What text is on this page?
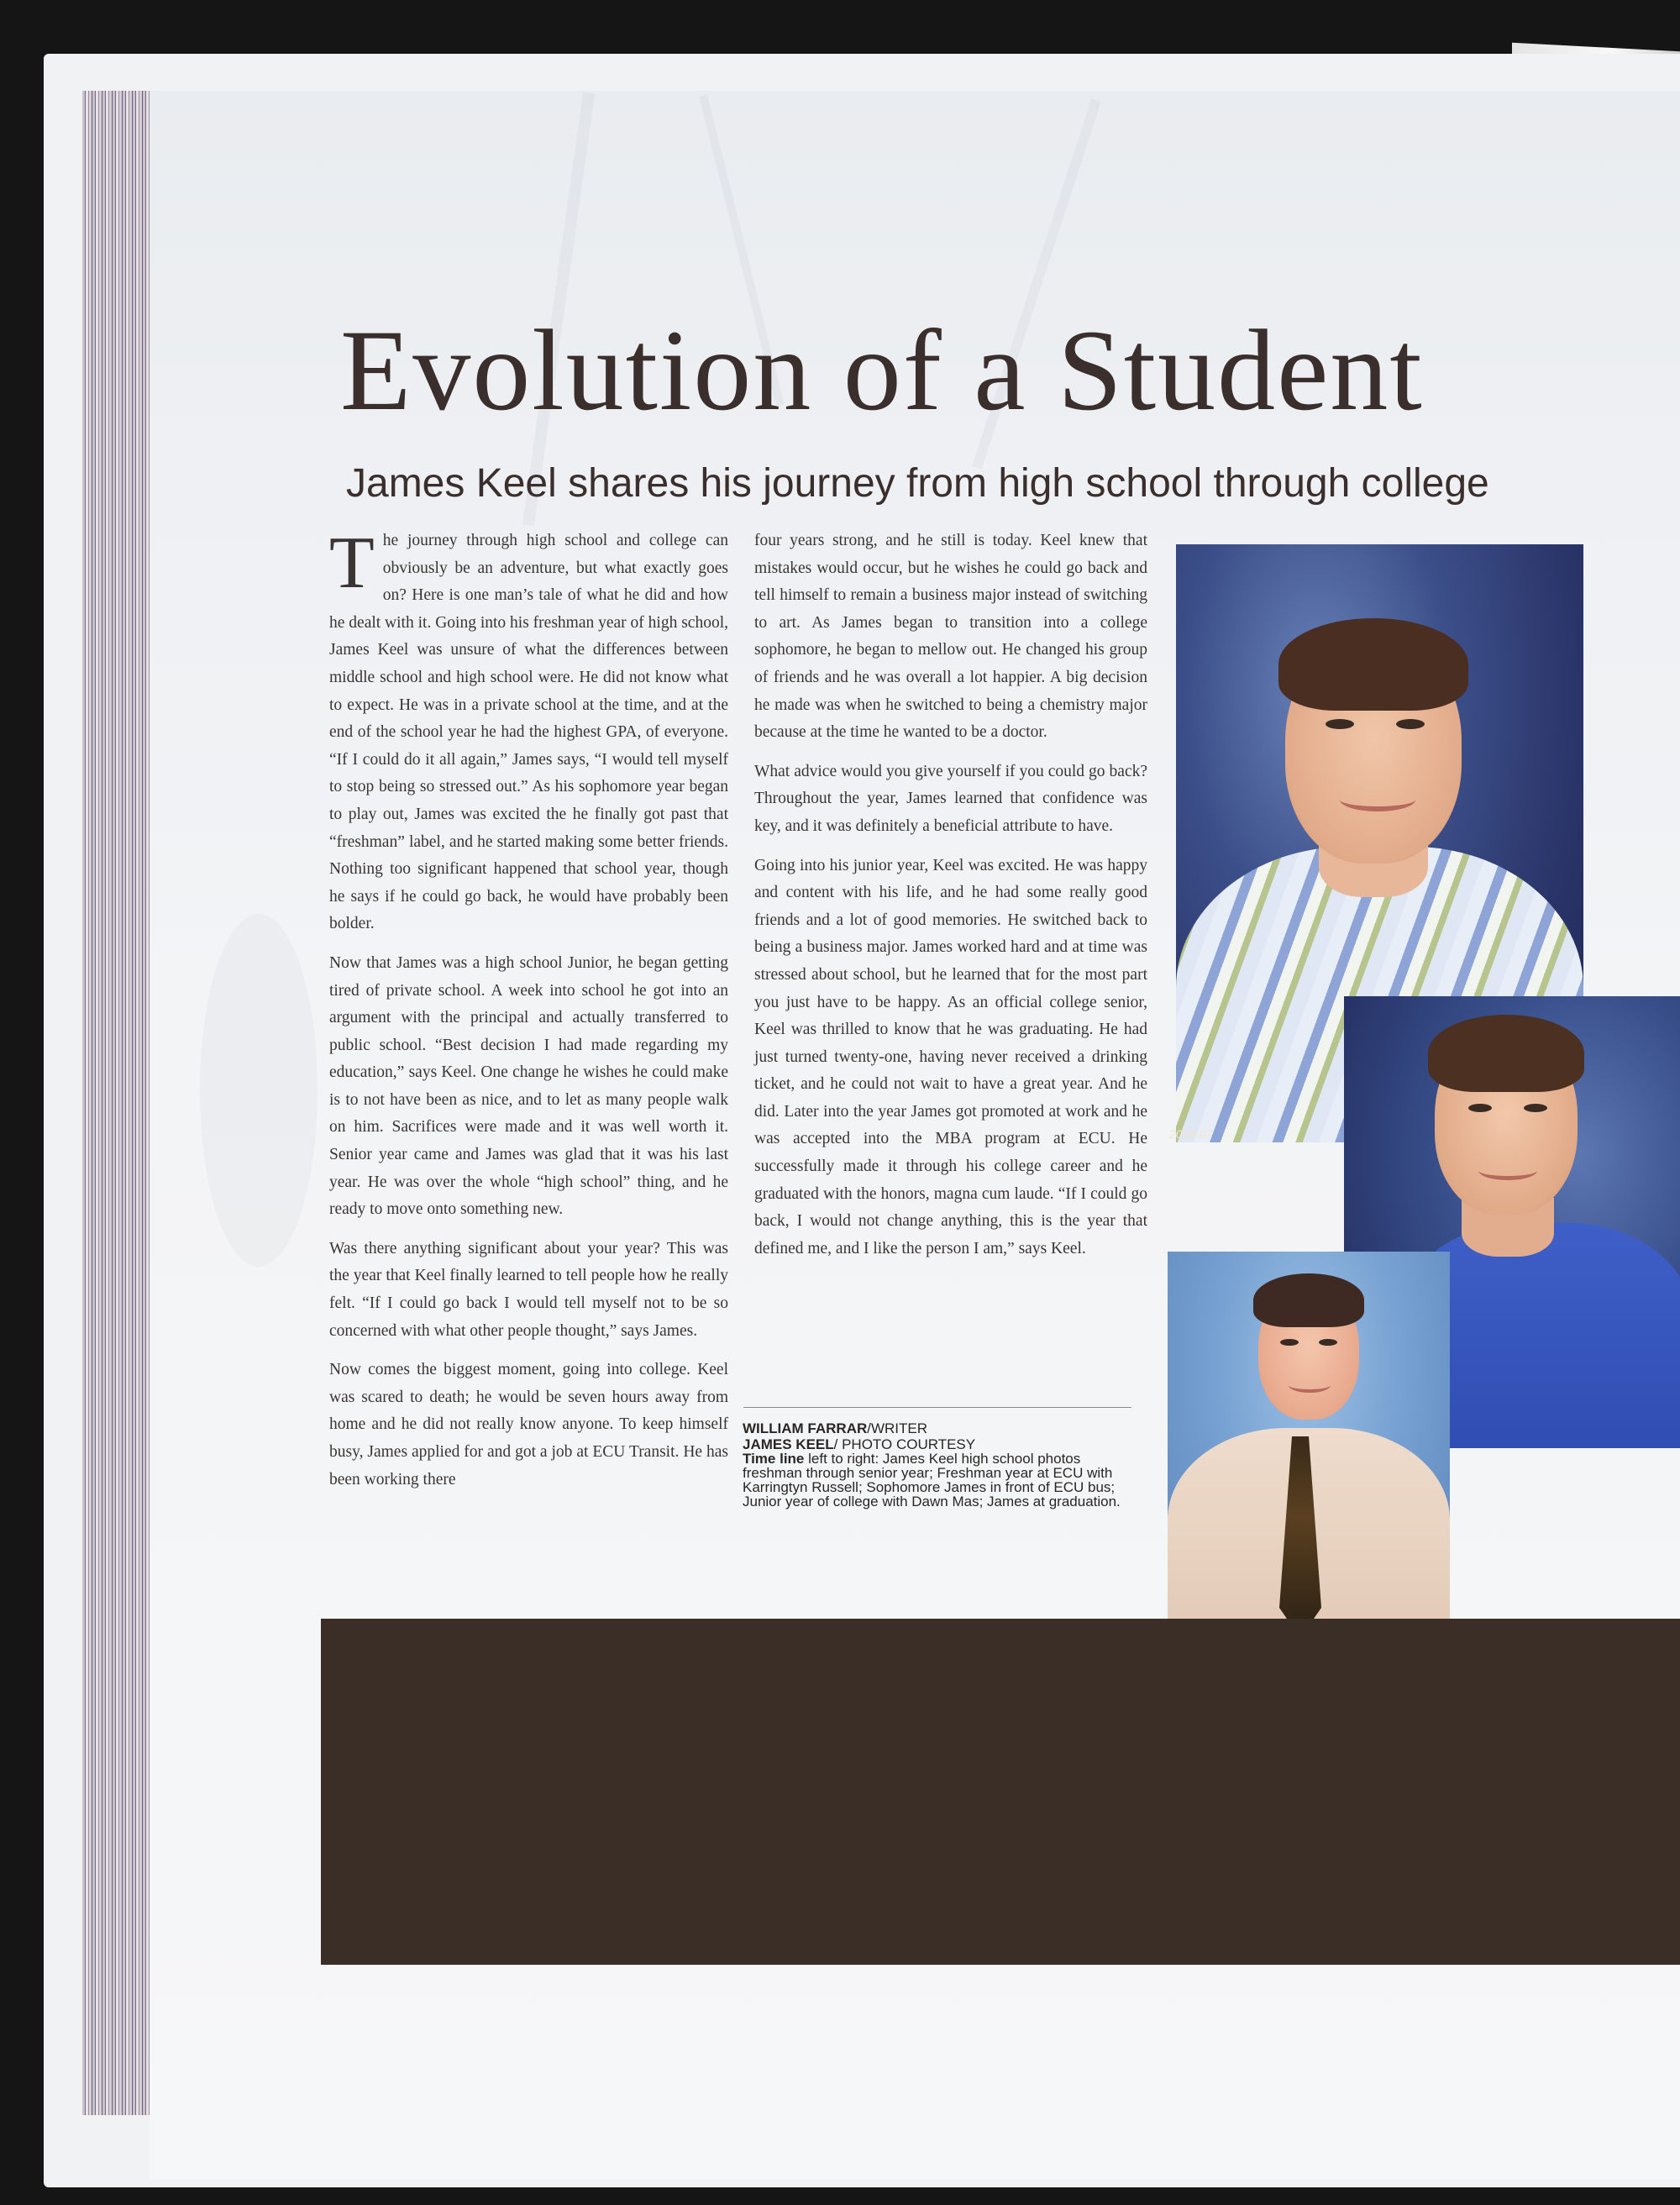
Evolution of a Student
James Keel shares his journey from high school through college

The journey through high school and college can obviously be an adventure, but what exactly goes on? Here is one man’s tale of what he did and how he dealt with it. Going into his freshman year of high school, James Keel was unsure of what the differences between middle school and high school were. He did not know what to expect. He was in a private school at the time, and at the end of the school year he had the highest GPA, of everyone. “If I could do it all again,” James says, “I would tell myself to stop being so stressed out.” As his sophomore year began to play out, James was excited the he finally got past that “freshman” label, and he started making some better friends. Nothing too significant happened that school year, though he says if he could go back, he would have probably been bolder.

Now that James was a high school Junior, he began getting tired of private school. A week into school he got into an argument with the principal and actually transferred to public school. “Best decision I had made regarding my education,” says Keel. One change he wishes he could make is to not have been as nice, and to let as many people walk on him. Sacrifices were made and it was well worth it. Senior year came and James was glad that it was his last year. He was over the whole “high school” thing, and he ready to move onto something new.

Was there anything significant about your year? This was the year that Keel finally learned to tell people how he really felt. “If I could go back I would tell myself not to be so concerned with what other people thought,” says James.

Now comes the biggest moment, going into college. Keel was scared to death; he would be seven hours away from home and he did not really know anyone. To keep himself busy, James applied for and got a job at ECU Transit. He has been working there

four years strong, and he still is today. Keel knew that mistakes would occur, but he wishes he could go back and tell himself to remain a business major instead of switching to art. As James began to transition into a college sophomore, he began to mellow out. He changed his group of friends and he was overall a lot happier. A big decision he made was when he switched to being a chemistry major because at the time he wanted to be a doctor.

What advice would you give yourself if you could go back? Throughout the year, James learned that confidence was key, and it was definitely a beneficial attribute to have.

Going into his junior year, Keel was excited. He was happy and content with his life, and he had some really good friends and a lot of good memories. He switched back to being a business major. James worked hard and at time was stressed about school, but he learned that for the most part you just have to be happy. As an official college senior, Keel was thrilled to know that he was graduating. He had just turned twenty-one, having never received a drinking ticket, and he could not wait to have a great year. And he did. Later into the year James got promoted at work and he was accepted into the MBA program at ECU. He successfully made it through his college career and he graduated with the honors, magna cum laude. “If I could go back, I would not change anything, this is the year that defined me, and I like the person I am,” says Keel.

WILLIAM FARRAR/WRITER
JAMES KEEL/ PHOTO COURTESY
Time line left to right: James Keel high school photos freshman through senior year; Freshman year at ECU with Karringtyn Russell; Sophomore James in front of ECU bus; Junior year of college with Dawn Mas; James at graduation.
2006-07
